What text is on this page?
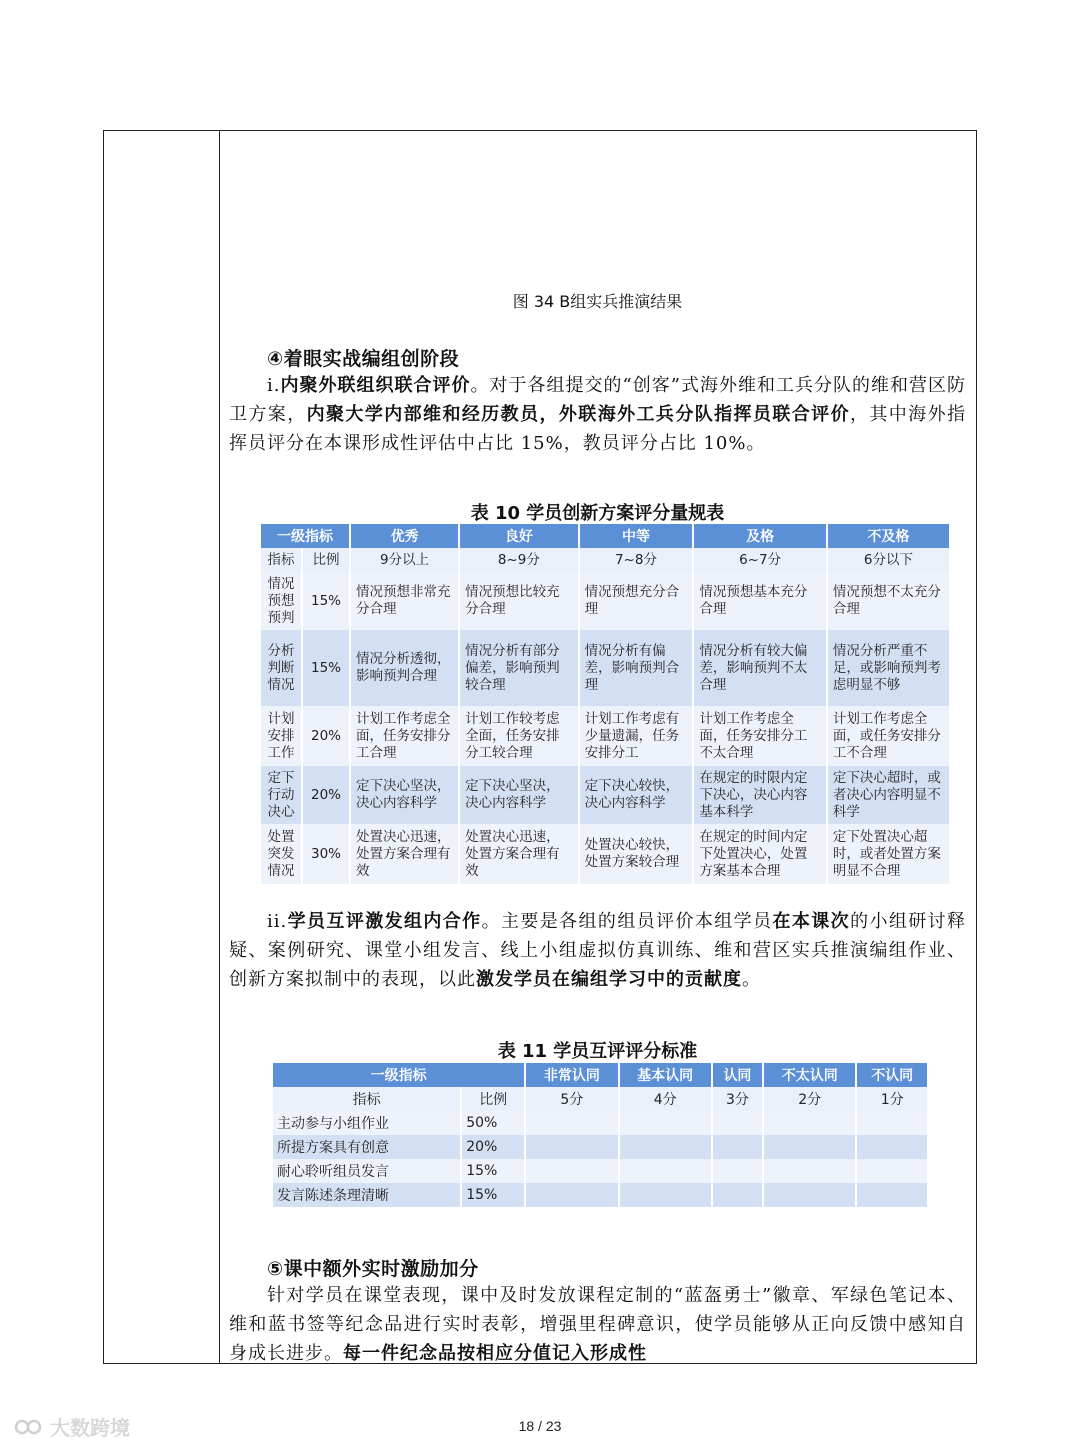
图 34 B组实兵推演结果
④着眼实战编组创阶段
i.内聚外联组织联合评价。对于各组提交的“创客”式海外维和工兵分队的维和营区防卫方案，内聚大学内部维和经历教员，外联海外工兵分队指挥员联合评价，其中海外指挥员评分在本课形成性评估中占比 15%，教员评分占比 10%。
表 10 学员创新方案评分量规表
一级指标		优秀	良好	中等	及格	不及格
指标	比例	9分以上	8~9分	7~8分	6~7分	6分以下
情况预想预判	15%	情况预想非常充分合理	情况预想比较充分合理	情况预想充分合理	情况预想基本充分合理	情况预想不太充分合理
分析判断情况	15%	情况分析透彻，影响预判合理	情况分析有部分偏差，影响预判较合理	情况分析有偏差，影响预判合理	情况分析有较大偏差，影响预判不太合理	情况分析严重不足，或影响预判考虑明显不够
计划安排工作	20%	计划工作考虑全面，任务安排分工合理	计划工作较考虑全面，任务安排分工较合理	计划工作考虑有少量遗漏，任务安排分工	计划工作考虑全面，任务安排分工不太合理	计划工作考虑全面，或任务安排分工不合理
定下行动决心	20%	定下决心坚决，决心内容科学	定下决心坚决，决心内容科学	定下决心较快，决心内容科学	在规定的时限内定下决心，决心内容基本科学	定下决心超时，或者决心内容明显不科学
处置突发情况	30%	处置决心迅速，处置方案合理有效	处置决心迅速，处置方案合理有效	处置决心较快，处置方案较合理	在规定的时间内定下处置决心，处置方案基本合理	定下处置决心超时，或者处置方案明显不合理
ii.学员互评激发组内合作。主要是各组的组员评价本组学员在本课次的小组研讨释疑、案例研究、课堂小组发言、线上小组虚拟仿真训练、维和营区实兵推演编组作业、创新方案拟制中的表现，以此激发学员在编组学习中的贡献度。
表 11 学员互评评分标准
一级指标		非常认同	基本认同	认同	不太认同	不认同
指标	比例	5分	4分	3分	2分	1分
主动参与小组作业	50%					
所提方案具有创意	20%					
耐心聆听组员发言	15%					
发言陈述条理清晰	15%					
⑤课中额外实时激励加分
针对学员在课堂表现，课中及时发放课程定制的“蓝盔勇士”徽章、军绿色笔记本、维和蓝书签等纪念品进行实时表彰，增强里程碑意识，使学员能够从正向反馈中感知自身成长进步。每一件纪念品按相应分值记入形成性
大数跨境	18 / 23
